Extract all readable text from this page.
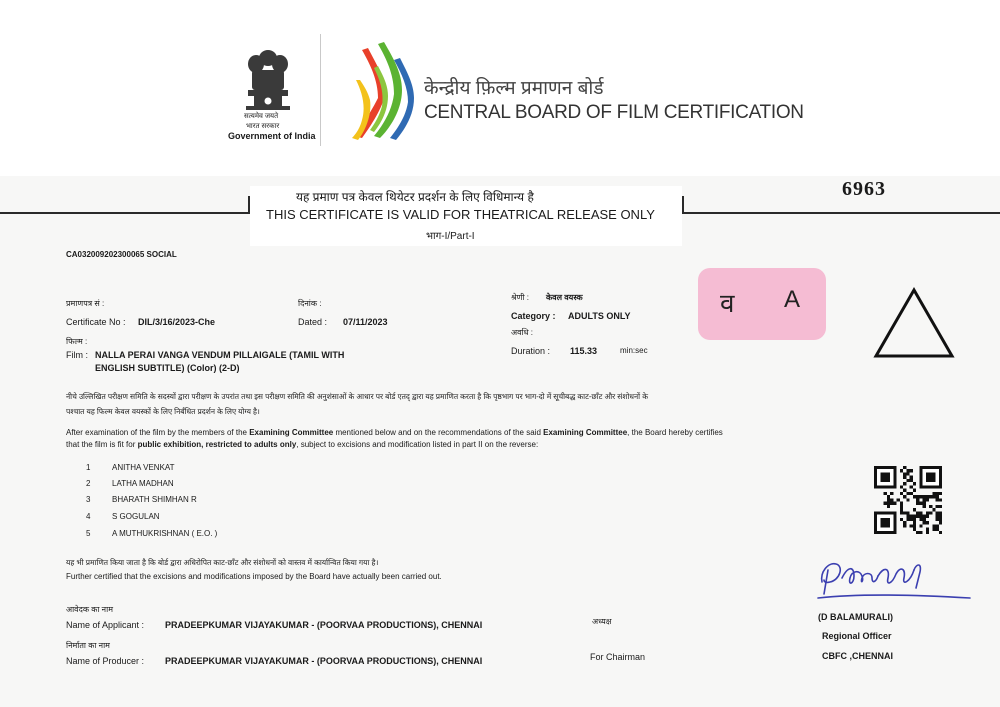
सत्यमेव जयते
भारत सरकार
Government of India
केन्द्रीय फ़िल्म प्रमाणन बोर्ड
CENTRAL BOARD OF FILM CERTIFICATION
यह प्रमाण पत्र केवल थियेटर प्रदर्शन के लिए विधिमान्य है
THIS CERTIFICATE IS VALID FOR THEATRICAL RELEASE ONLY
भाग-I/Part-I
6963
CA032009202300065 SOCIAL
प्रमाणपत्र सं :
Certificate No : DIL/3/16/2023-Che
दिनांक :
Dated : 07/11/2023
फिल्म :
Film : NALLA PERAI VANGA VENDUM PILLAIGALE (TAMIL WITH
ENGLISH SUBTITLE) (Color) (2-D)
श्रेणी : केवल वयस्क
Category : ADULTS ONLY
अवधि :
Duration : 115.33	min:sec
व A
नीचे उल्लिखित परीक्षण समिति के सदस्यों द्वारा परीक्षण के उपरांत तथा इस परीक्षण समिति की अनुशंसाओं के आधार पर बोर्ड एतद् द्वारा यह प्रमाणित करता है कि पृष्ठभाग पर भाग-दो में सूचीबद्ध काट-छाँट और संशोधनों के
पश्चात यह फिल्म केवल वयस्कों के लिए निर्बंधित प्रदर्शन के लिए योग्य है।
After examination of the film by the members of the Examining Committee mentioned below and on the recommendations of the said Examining Committee, the Board hereby certifies
that the film is fit for public exhibition, restricted to adults only, subject to excisions and modification listed in part II on the reverse:
1	ANITHA VENKAT
2	LATHA MADHAN
3	BHARATH SHIMHAN R
4	S GOGULAN
5	A MUTHUKRISHNAN ( E.O. )
यह भी प्रमाणित किया जाता है कि बोर्ड द्वारा अधिरोपित काट-छाँट और संशोधनों को वास्तव में कार्यान्वित किया गया है।
Further certified that the excisions and modifications imposed by the Board have actually been carried out.
आवेदक का नाम
Name of Applicant : PRADEEPKUMAR VIJAYAKUMAR - (POORVAA PRODUCTIONS), CHENNAI
निर्माता का नाम
Name of Producer : PRADEEPKUMAR VIJAYAKUMAR - (POORVAA PRODUCTIONS), CHENNAI
अध्यक्ष
For Chairman
(D BALAMURALI)
Regional Officer
CBFC ,CHENNAI
